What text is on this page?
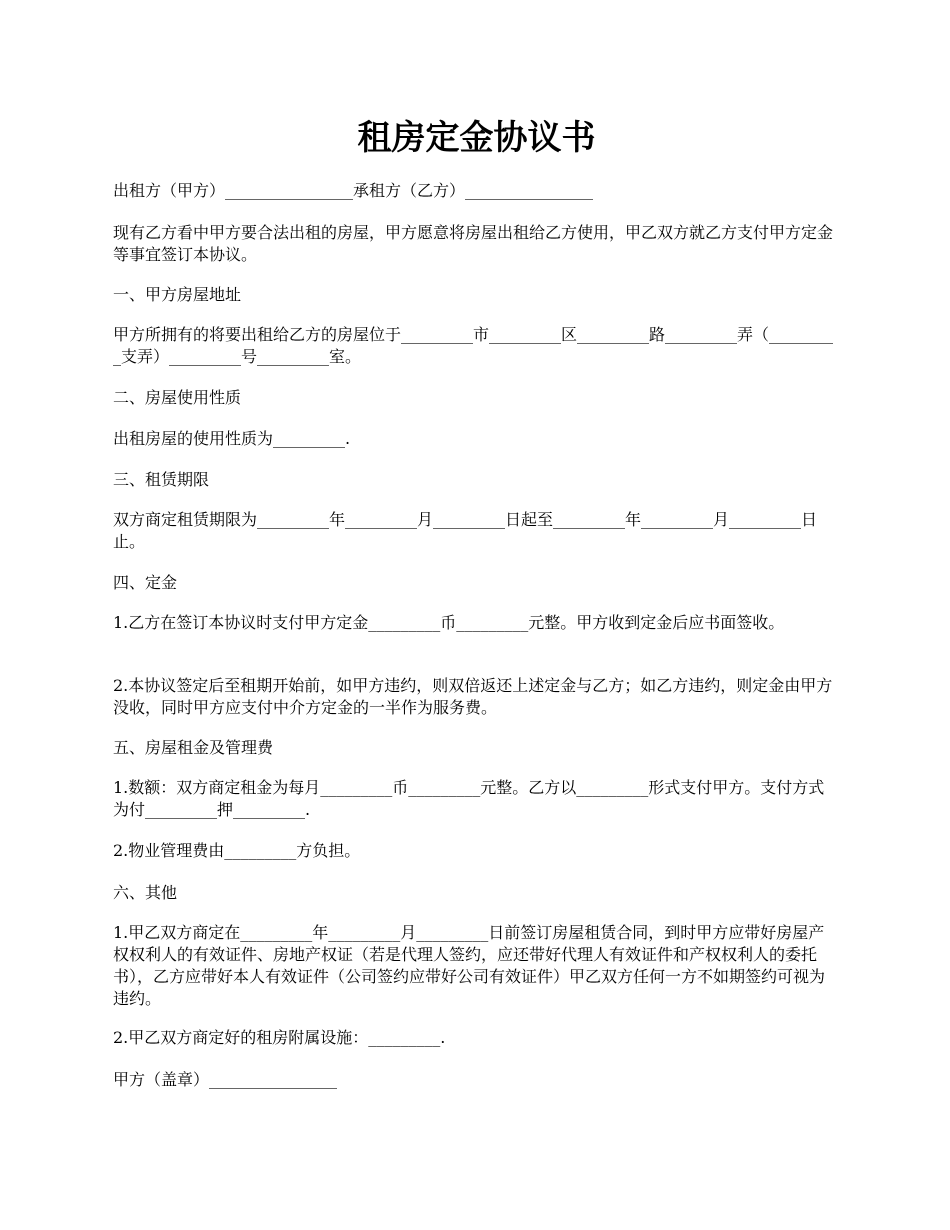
租房定金协议书

出租方（甲方）________________承租方（乙方）________________

现有乙方看中甲方要合法出租的房屋，甲方愿意将房屋出租给乙方使用，甲乙双方就乙方支付甲方定金等事宜签订本协议。

一、甲方房屋地址

甲方所拥有的将要出租给乙方的房屋位于_________市_________区_________路_________弄（_________支弄）_________号_________室。

二、房屋使用性质

出租房屋的使用性质为_________.

三、租赁期限

双方商定租赁期限为_________年_________月_________日起至_________年_________月_________日止。

四、定金

1.乙方在签订本协议时支付甲方定金_________币_________元整。甲方收到定金后应书面签收。

2.本协议签定后至租期开始前，如甲方违约，则双倍返还上述定金与乙方；如乙方违约，则定金由甲方没收，同时甲方应支付中介方定金的一半作为服务费。

五、房屋租金及管理费

1.数额：双方商定租金为每月_________币_________元整。乙方以_________形式支付甲方。支付方式为付_________押_________.

2.物业管理费由_________方负担。

六、其他

1.甲乙双方商定在_________年_________月_________日前签订房屋租赁合同，到时甲方应带好房屋产权权利人的有效证件、房地产权证（若是代理人签约，应还带好代理人有效证件和产权权利人的委托书），乙方应带好本人有效证件（公司签约应带好公司有效证件）甲乙双方任何一方不如期签约可视为违约。

2.甲乙双方商定好的租房附属设施：_________.

甲方（盖章）________________
